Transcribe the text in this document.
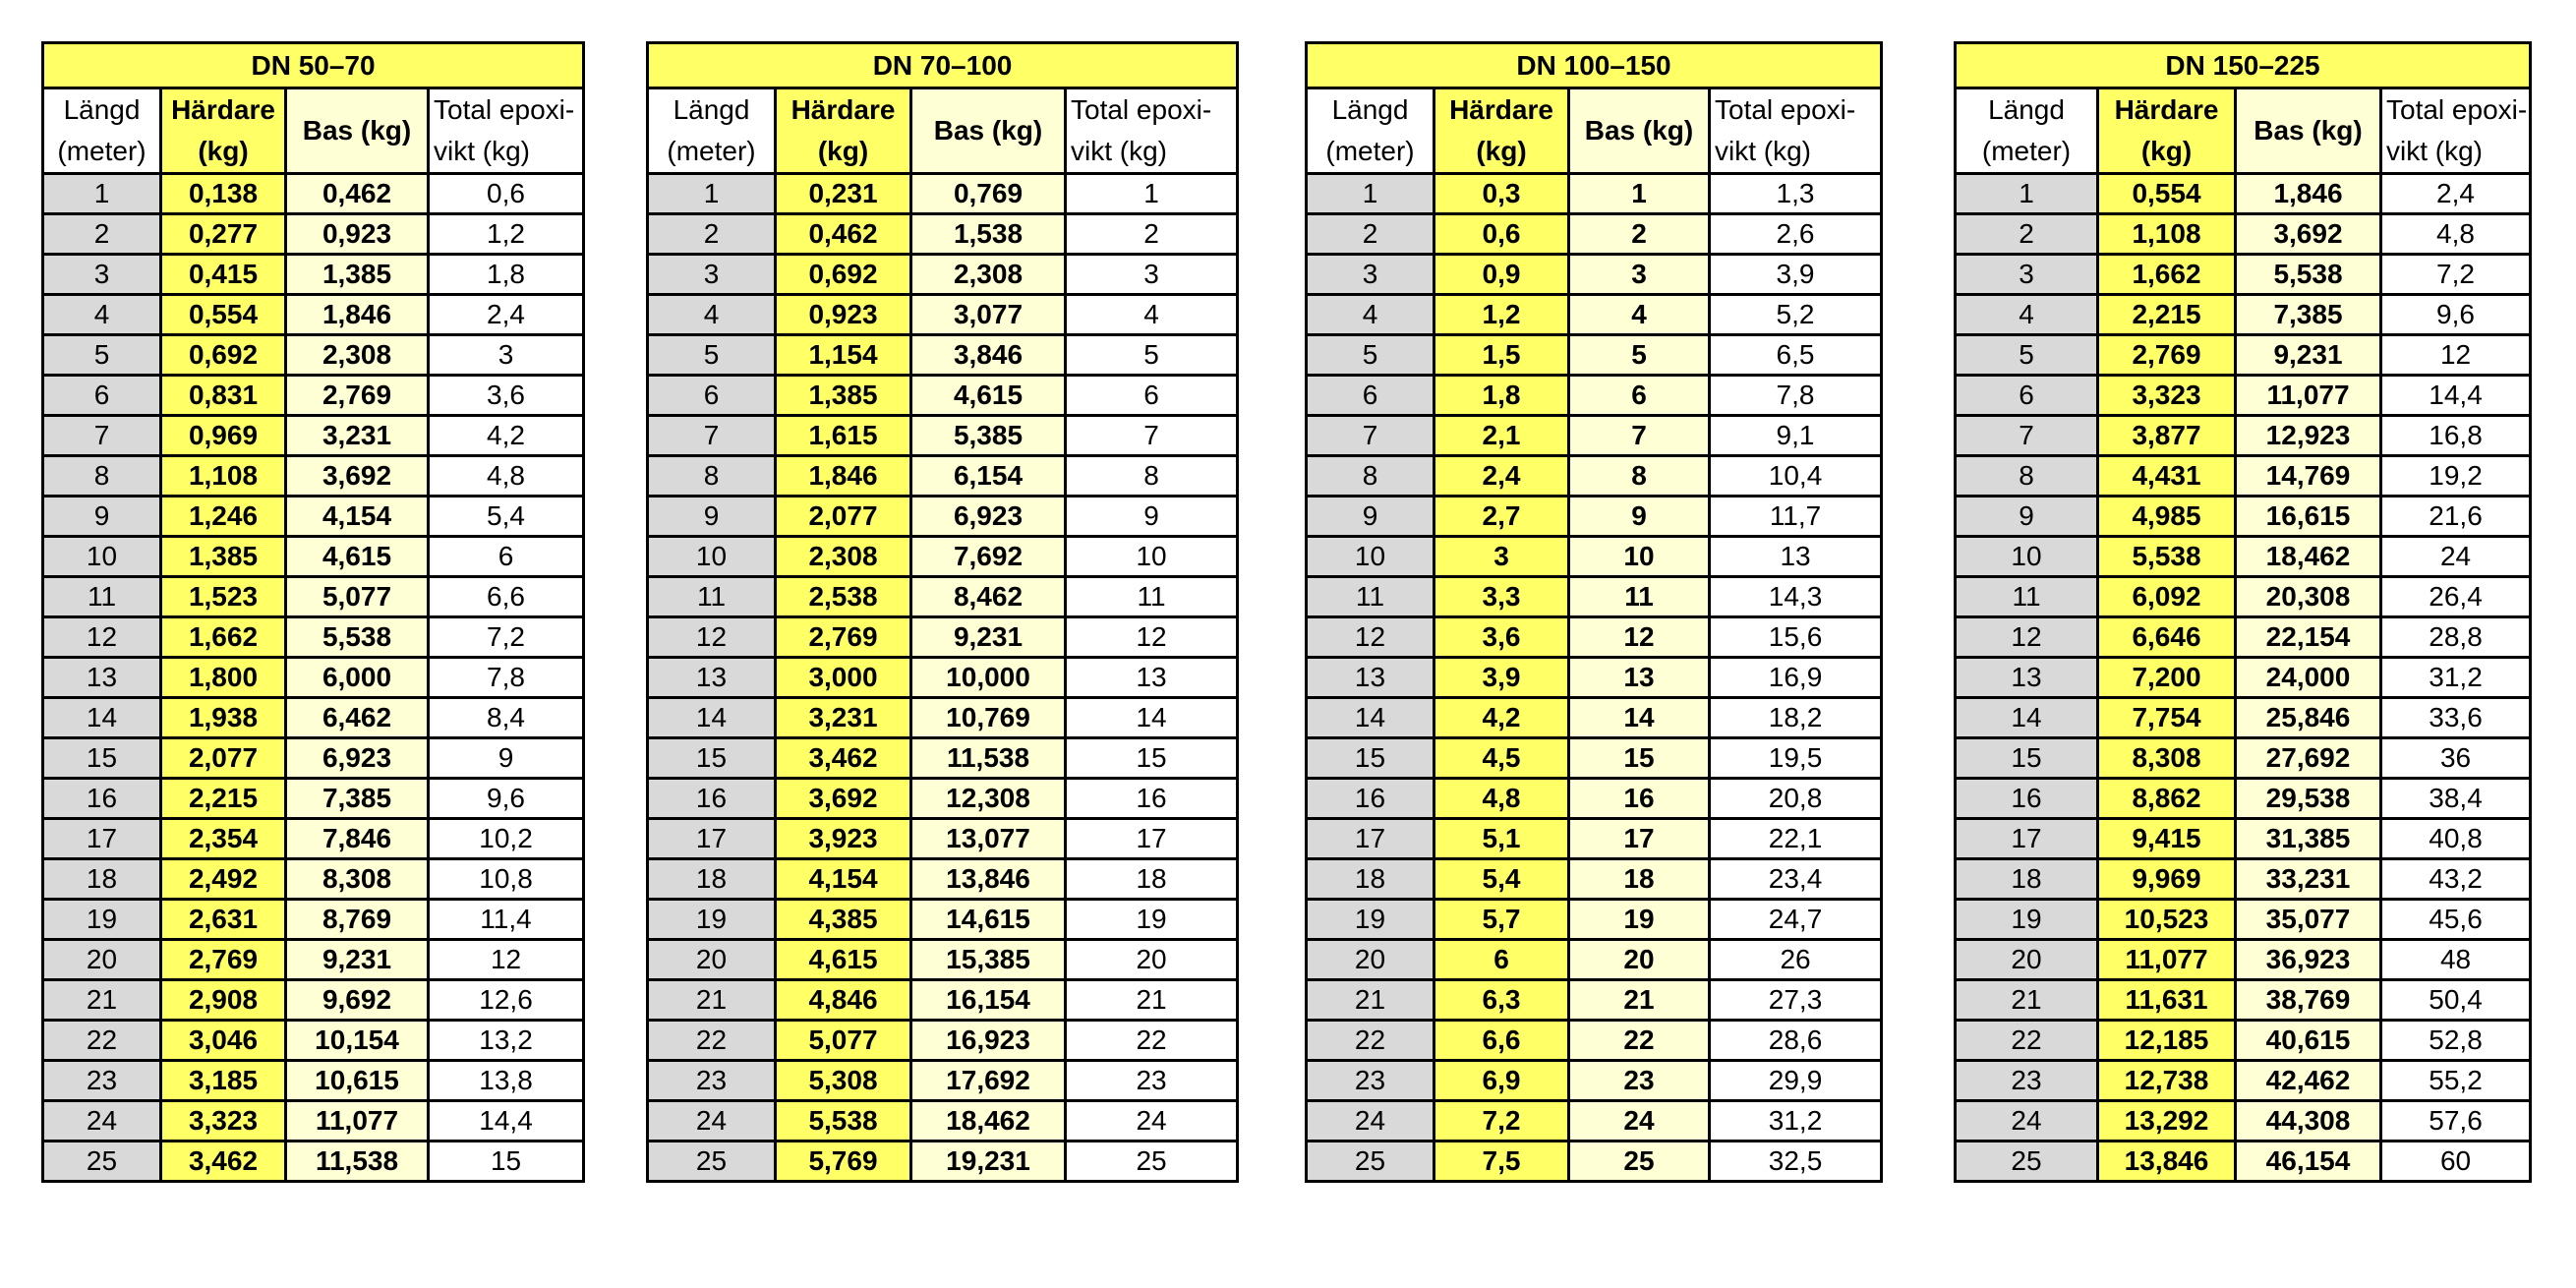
DN 50–70			
Längd (meter)	Härdare (kg)	Bas (kg)	Total epoxi-vikt (kg)
1	0,138	0,462	0,6
2	0,277	0,923	1,2
3	0,415	1,385	1,8
4	0,554	1,846	2,4
5	0,692	2,308	3
6	0,831	2,769	3,6
7	0,969	3,231	4,2
8	1,108	3,692	4,8
9	1,246	4,154	5,4
10	1,385	4,615	6
11	1,523	5,077	6,6
12	1,662	5,538	7,2
13	1,800	6,000	7,8
14	1,938	6,462	8,4
15	2,077	6,923	9
16	2,215	7,385	9,6
17	2,354	7,846	10,2
18	2,492	8,308	10,8
19	2,631	8,769	11,4
20	2,769	9,231	12
21	2,908	9,692	12,6
22	3,046	10,154	13,2
23	3,185	10,615	13,8
24	3,323	11,077	14,4
25	3,462	11,538	15
DN 70–100			
Längd (meter)	Härdare (kg)	Bas (kg)	Total epoxi-vikt (kg)
1	0,231	0,769	1
2	0,462	1,538	2
3	0,692	2,308	3
4	0,923	3,077	4
5	1,154	3,846	5
6	1,385	4,615	6
7	1,615	5,385	7
8	1,846	6,154	8
9	2,077	6,923	9
10	2,308	7,692	10
11	2,538	8,462	11
12	2,769	9,231	12
13	3,000	10,000	13
14	3,231	10,769	14
15	3,462	11,538	15
16	3,692	12,308	16
17	3,923	13,077	17
18	4,154	13,846	18
19	4,385	14,615	19
20	4,615	15,385	20
21	4,846	16,154	21
22	5,077	16,923	22
23	5,308	17,692	23
24	5,538	18,462	24
25	5,769	19,231	25
DN 100–150			
Längd (meter)	Härdare (kg)	Bas (kg)	Total epoxi-vikt (kg)
1	0,3	1	1,3
2	0,6	2	2,6
3	0,9	3	3,9
4	1,2	4	5,2
5	1,5	5	6,5
6	1,8	6	7,8
7	2,1	7	9,1
8	2,4	8	10,4
9	2,7	9	11,7
10	3	10	13
11	3,3	11	14,3
12	3,6	12	15,6
13	3,9	13	16,9
14	4,2	14	18,2
15	4,5	15	19,5
16	4,8	16	20,8
17	5,1	17	22,1
18	5,4	18	23,4
19	5,7	19	24,7
20	6	20	26
21	6,3	21	27,3
22	6,6	22	28,6
23	6,9	23	29,9
24	7,2	24	31,2
25	7,5	25	32,5
DN 150–225			
Längd (meter)	Härdare (kg)	Bas (kg)	Total epoxi-vikt (kg)
1	0,554	1,846	2,4
2	1,108	3,692	4,8
3	1,662	5,538	7,2
4	2,215	7,385	9,6
5	2,769	9,231	12
6	3,323	11,077	14,4
7	3,877	12,923	16,8
8	4,431	14,769	19,2
9	4,985	16,615	21,6
10	5,538	18,462	24
11	6,092	20,308	26,4
12	6,646	22,154	28,8
13	7,200	24,000	31,2
14	7,754	25,846	33,6
15	8,308	27,692	36
16	8,862	29,538	38,4
17	9,415	31,385	40,8
18	9,969	33,231	43,2
19	10,523	35,077	45,6
20	11,077	36,923	48
21	11,631	38,769	50,4
22	12,185	40,615	52,8
23	12,738	42,462	55,2
24	13,292	44,308	57,6
25	13,846	46,154	60
